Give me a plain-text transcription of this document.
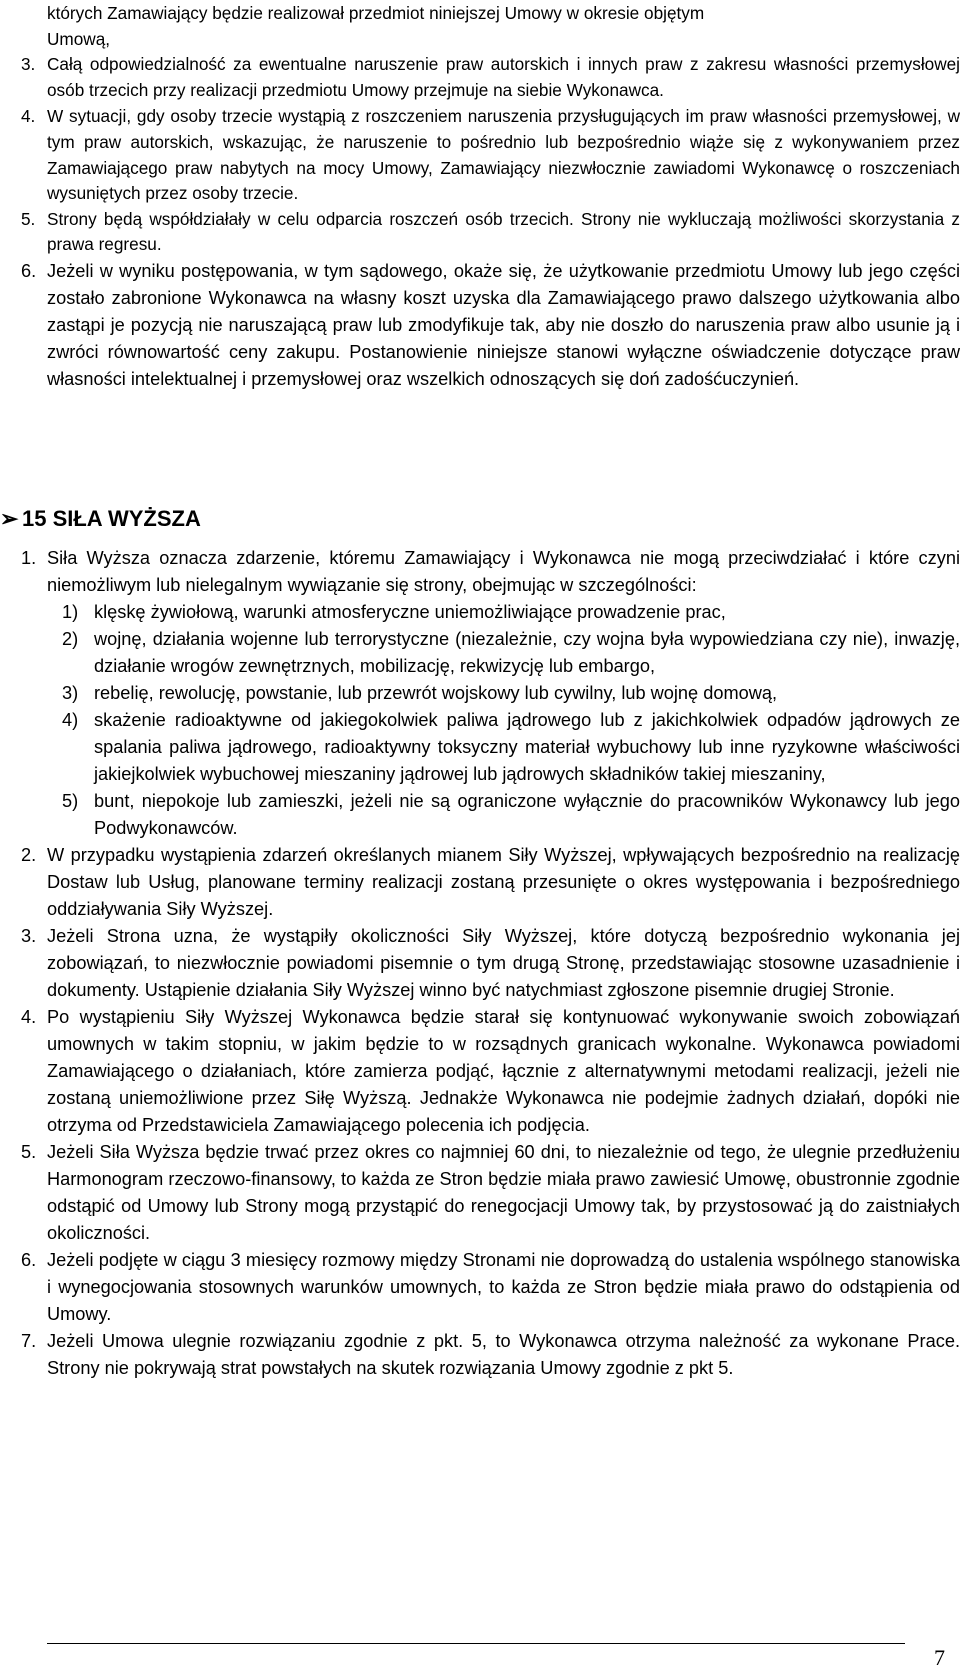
których Zamawiający będzie realizował przedmiot niniejszej Umowy w okresie objętym
Umową,

3. Całą odpowiedzialność za ewentualne naruszenie praw autorskich i innych praw z zakresu własności przemysłowej osób trzecich przy realizacji przedmiotu Umowy przejmuje na siebie Wykonawca.

4. W sytuacji, gdy osoby trzecie wystąpią z roszczeniem naruszenia przysługujących im praw własności przemysłowej, w tym praw autorskich, wskazując, że naruszenie to pośrednio lub bezpośrednio wiąże się z wykonywaniem przez Zamawiającego praw nabytych na mocy Umowy, Zamawiający niezwłocznie zawiadomi Wykonawcę o roszczeniach wysuniętych przez osoby trzecie.

5. Strony będą współdziałały w celu odparcia roszczeń osób trzecich. Strony nie wykluczają możliwości skorzystania z prawa regresu.

6. Jeżeli w wyniku postępowania, w tym sądowego, okaże się, że użytkowanie przedmiotu Umowy lub jego części zostało zabronione Wykonawca na własny koszt uzyska dla Zamawiającego prawo dalszego użytkowania albo zastąpi je pozycją nie naruszającą praw lub zmodyfikuje tak, aby nie doszło do naruszenia praw albo usunie ją i zwróci równowartość ceny zakupu. Postanowienie niniejsze stanowi wyłączne oświadczenie dotyczące praw własności intelektualnej i przemysłowej oraz wszelkich odnoszących się doń zadośćuczynień.

➢ 15 SIŁA WYŻSZA

1. Siła Wyższa oznacza zdarzenie, któremu Zamawiający i Wykonawca nie mogą przeciwdziałać i które czyni niemożliwym lub nielegalnym wywiązanie się strony, obejmując w szczególności:

1) klęskę żywiołową, warunki atmosferyczne uniemożliwiające prowadzenie prac,

2) wojnę, działania wojenne lub terrorystyczne (niezależnie, czy wojna była wypowiedziana czy nie), inwazję, działanie wrogów zewnętrznych, mobilizację, rekwizycję lub embargo,

3) rebelię, rewolucję, powstanie, lub przewrót wojskowy lub cywilny, lub wojnę domową,

4) skażenie radioaktywne od jakiegokolwiek paliwa jądrowego lub z jakichkolwiek odpadów jądrowych ze spalania paliwa jądrowego, radioaktywny toksyczny materiał wybuchowy lub inne ryzykowne właściwości jakiejkolwiek wybuchowej mieszaniny jądrowej lub jądrowych składników takiej mieszaniny,

5) bunt, niepokoje lub zamieszki, jeżeli nie są ograniczone wyłącznie do pracowników Wykonawcy lub jego Podwykonawców.

2. W przypadku wystąpienia zdarzeń określanych mianem Siły Wyższej, wpływających bezpośrednio na realizację Dostaw lub Usług, planowane terminy realizacji zostaną przesunięte o okres występowania i bezpośredniego oddziaływania Siły Wyższej.

3. Jeżeli Strona uzna, że wystąpiły okoliczności Siły Wyższej, które dotyczą bezpośrednio wykonania jej zobowiązań, to niezwłocznie powiadomi pisemnie o tym drugą Stronę, przedstawiając stosowne uzasadnienie i dokumenty. Ustąpienie działania Siły Wyższej winno być natychmiast zgłoszone pisemnie drugiej Stronie.

4. Po wystąpieniu Siły Wyższej Wykonawca będzie starał się kontynuować wykonywanie swoich zobowiązań umownych w takim stopniu, w jakim będzie to w rozsądnych granicach wykonalne. Wykonawca powiadomi Zamawiającego o działaniach, które zamierza podjąć, łącznie z alternatywnymi metodami realizacji, jeżeli nie zostaną uniemożliwione przez Siłę Wyższą. Jednakże Wykonawca nie podejmie żadnych działań, dopóki nie otrzyma od Przedstawiciela Zamawiającego polecenia ich podjęcia.

5. Jeżeli Siła Wyższa będzie trwać przez okres co najmniej 60 dni, to niezależnie od tego, że ulegnie przedłużeniu Harmonogram rzeczowo-finansowy, to każda ze Stron będzie miała prawo zawiesić Umowę, obustronnie zgodnie odstąpić od Umowy lub Strony mogą przystąpić do renegocjacji Umowy tak, by przystosować ją do zaistniałych okoliczności.

6. Jeżeli podjęte w ciągu 3 miesięcy rozmowy między Stronami nie doprowadzą do ustalenia wspólnego stanowiska i wynegocjowania stosownych warunków umownych, to każda ze Stron będzie miała prawo do odstąpienia od Umowy.

7. Jeżeli Umowa ulegnie rozwiązaniu zgodnie z pkt. 5, to Wykonawca otrzyma należność za wykonane Prace. Strony nie pokrywają strat powstałych na skutek rozwiązania Umowy zgodnie z pkt 5.

7
